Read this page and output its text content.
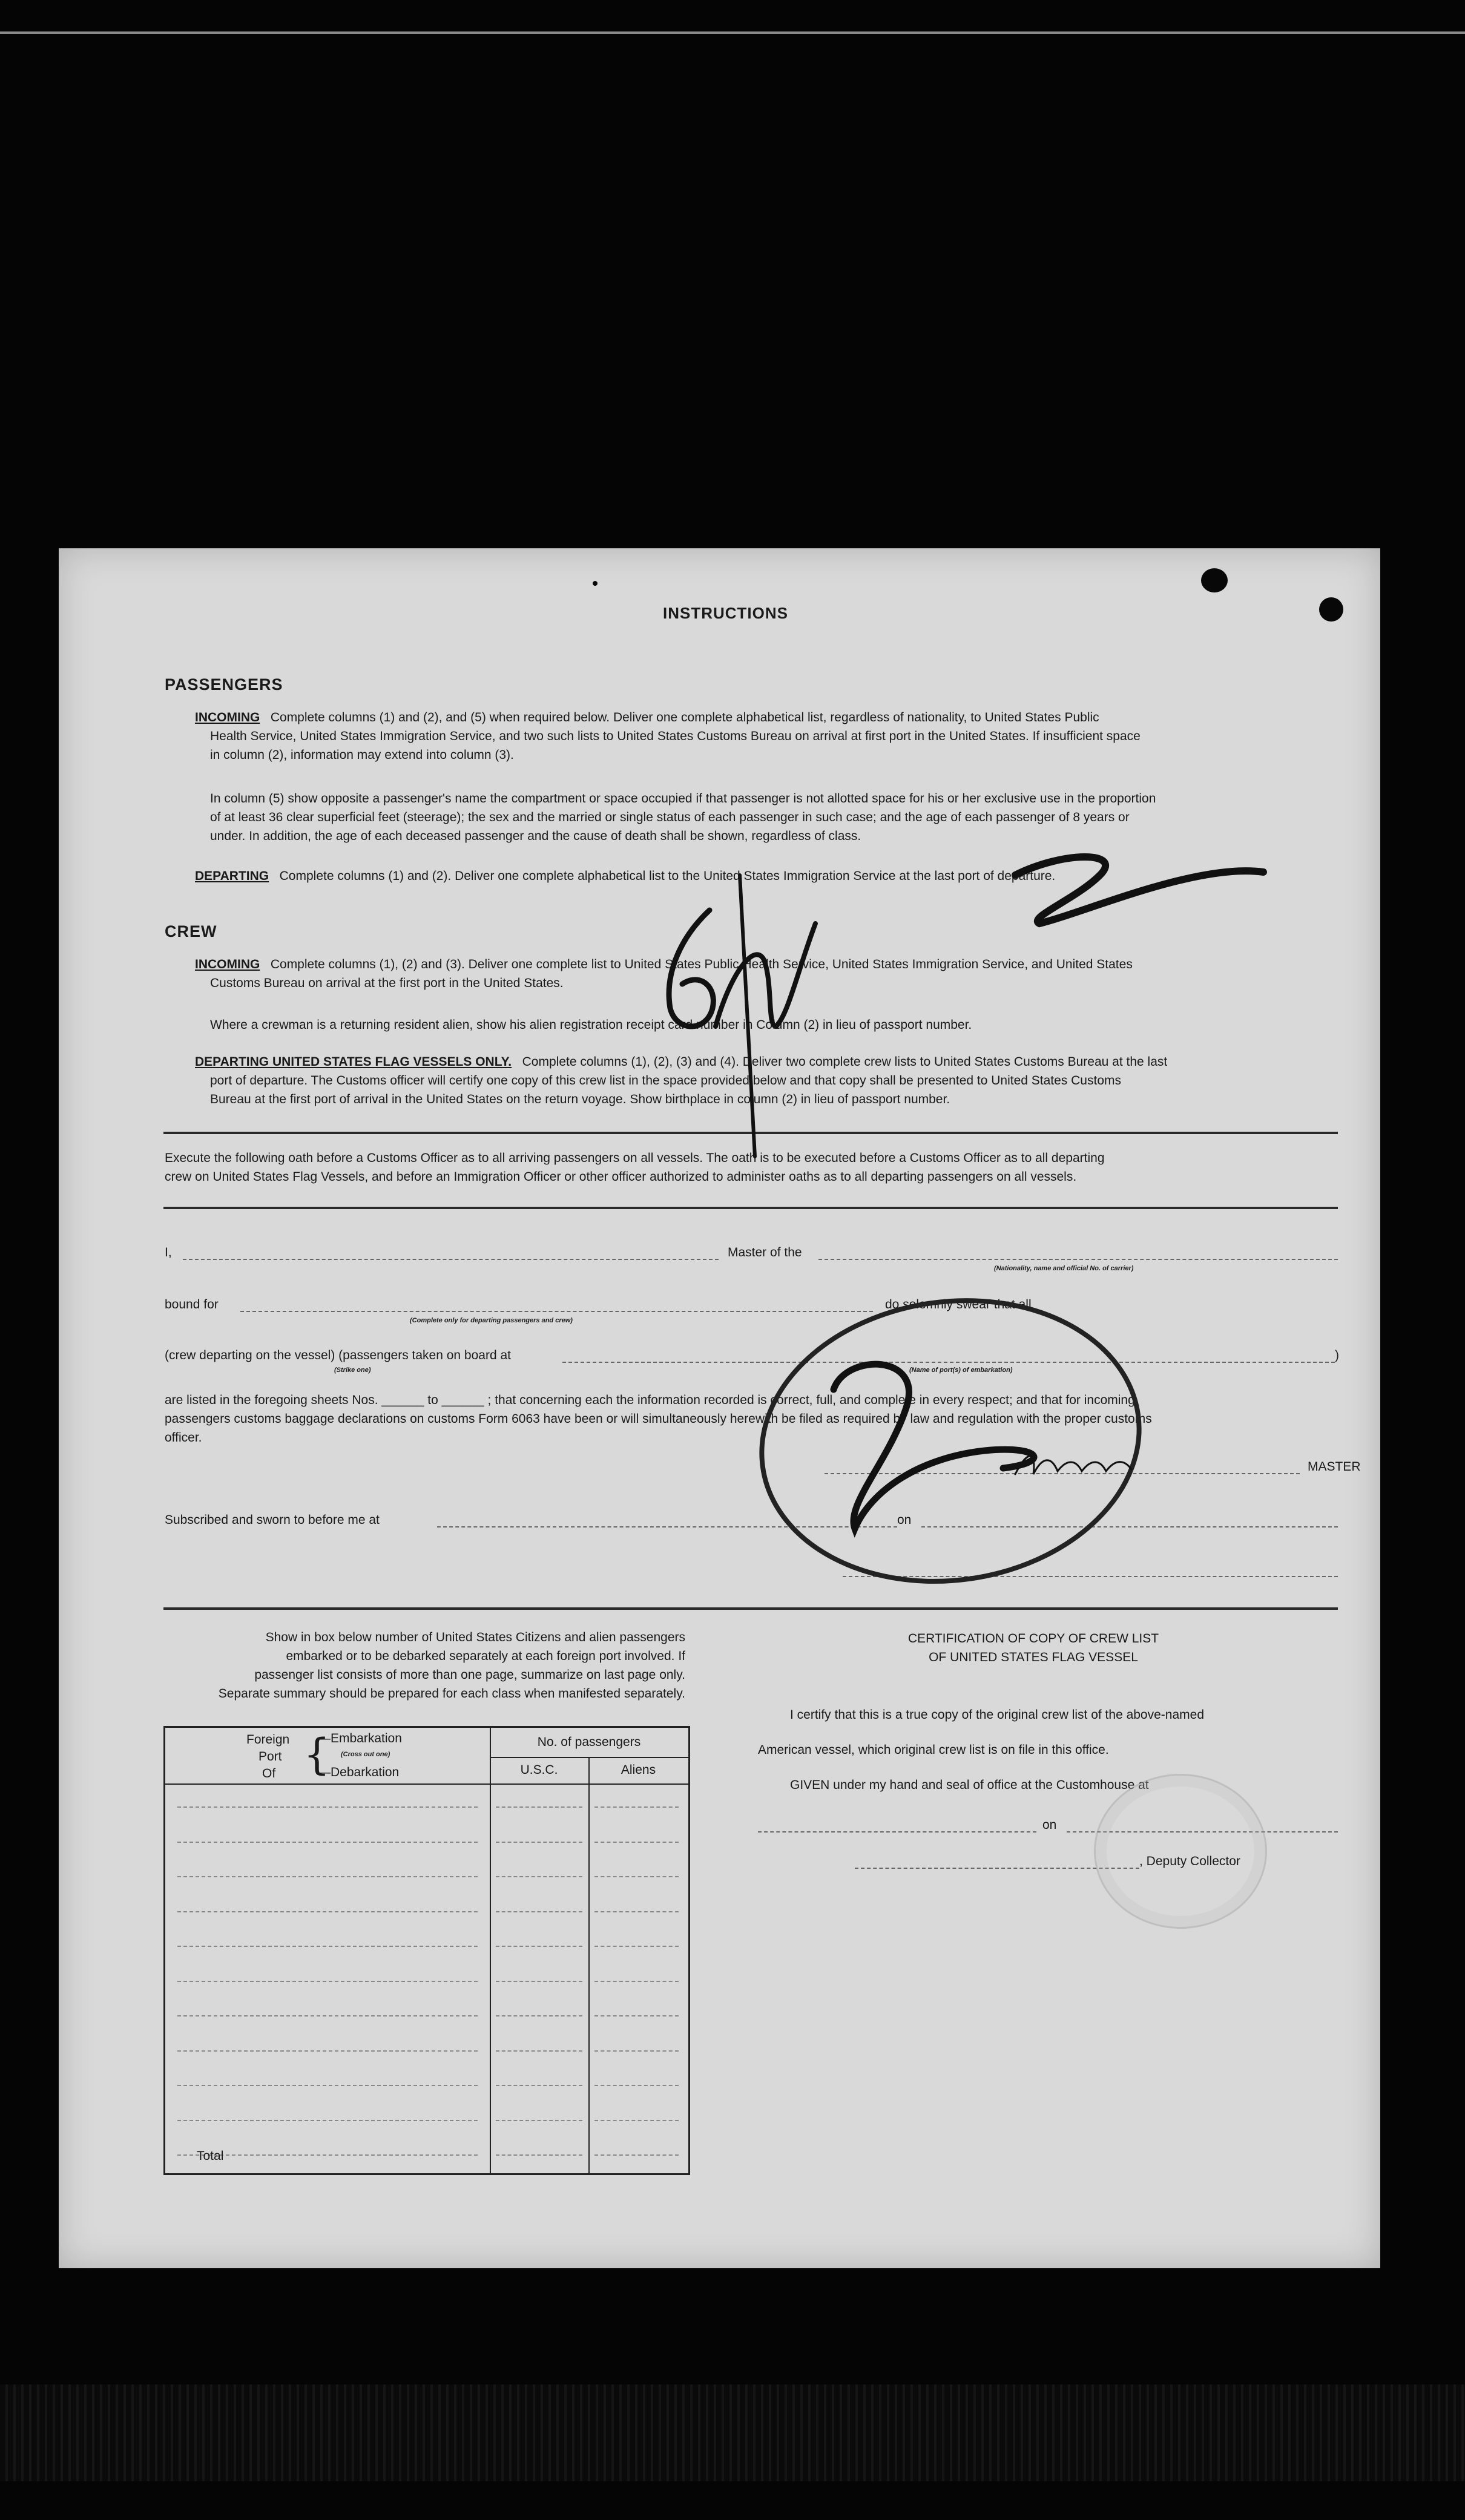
INSTRUCTIONS
PASSENGERS
INCOMING Complete columns (1) and (2), and (5) when required below. Deliver one complete alphabetical list, regardless of nationality, to United States Public
Health Service, United States Immigration Service, and two such lists to United States Customs Bureau on arrival at first port in the United States. If insufficient space
in column (2), information may extend into column (3).
In column (5) show opposite a passenger's name the compartment or space occupied if that passenger is not allotted space for his or her exclusive use in the proportion
of at least 36 clear superficial feet (steerage); the sex and the married or single status of each passenger in such case; and the age of each passenger of 8 years or
under. In addition, the age of each deceased passenger and the cause of death shall be shown, regardless of class.
DEPARTING Complete columns (1) and (2). Deliver one complete alphabetical list to the United States Immigration Service at the last port of departure.
CREW
INCOMING Complete columns (1), (2) and (3). Deliver one complete list to United States Public Health Service, United States Immigration Service, and United States
Customs Bureau on arrival at the first port in the United States.
Where a crewman is a returning resident alien, show his alien registration receipt card number in Column (2) in lieu of passport number.
DEPARTING UNITED STATES FLAG VESSELS ONLY. Complete columns (1), (2), (3) and (4). Deliver two complete crew lists to United States Customs Bureau at the last
port of departure. The Customs officer will certify one copy of this crew list in the space provided below and that copy shall be presented to United States Customs
Bureau at the first port of arrival in the United States on the return voyage. Show birthplace in column (2) in lieu of passport number.
Execute the following oath before a Customs Officer as to all arriving passengers on all vessels. The oath is to be executed before a Customs Officer as to all departing
crew on United States Flag Vessels, and before an Immigration Officer or other officer authorized to administer oaths as to all departing passengers on all vessels.
I,	Master of the
(Nationality, name and official No. of carrier)
bound for
(Complete only for departing passengers and crew)
do solemnly swear that all
(crew departing on the vessel) (passengers taken on board at	)
(Strike one)	(Name of port(s) of embarkation)
are listed in the foregoing sheets Nos. ______ to ______ ; that concerning each the information recorded is correct, full, and complete in every respect; and that for incoming
passengers customs baggage declarations on customs Form 6063 have been or will simultaneously herewith be filed as required by law and regulation with the proper customs
officer.
MASTER
Subscribed and sworn to before me at	on
Show in box below number of United States Citizens and alien passengers
embarked or to be debarked separately at each foreign port involved. If
passenger list consists of more than one page, summarize on last page only.
Separate summary should be prepared for each class when manifested separately.
Foreign
Port
Of {
—Embarkation
(Cross out one)
—Debarkation
No. of passengers
U.S.C.	Aliens
Total
CERTIFICATION OF COPY OF CREW LIST
OF UNITED STATES FLAG VESSEL
I certify that this is a true copy of the original crew list of the above-named
American vessel, which original crew list is on file in this office.
GIVEN under my hand and seal of office at the Customhouse at
on
, Deputy Collector
